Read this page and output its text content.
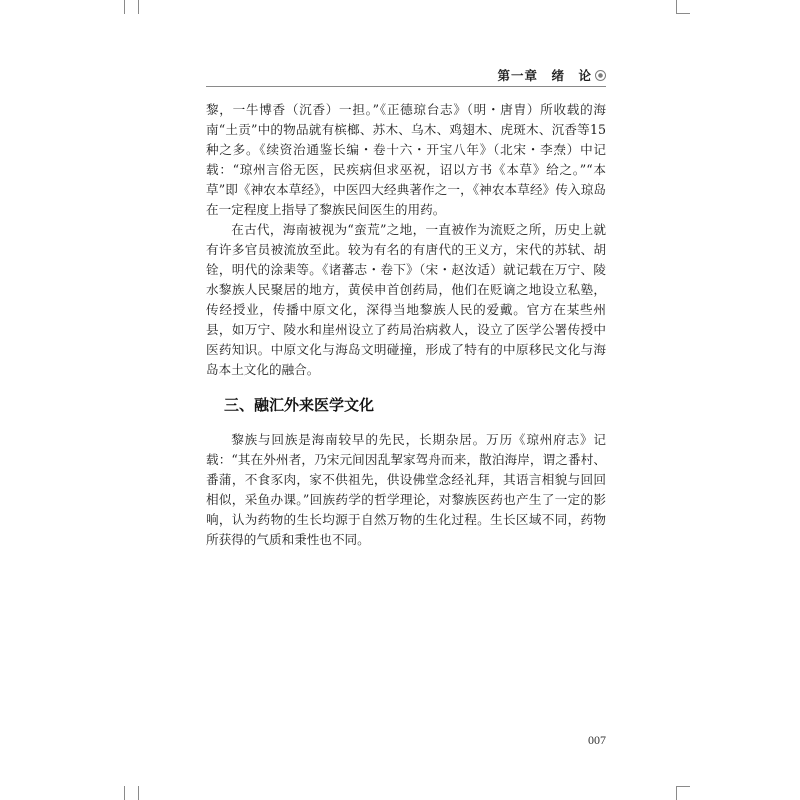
第一章　绪　论

黎，一牛博香（沉香）一担。”《正德琼台志》（明・唐胄）所收载的海南“土贡”中的物品就有槟榔、苏木、乌木、鸡翅木、虎斑木、沉香等15种之多。《续资治通鉴长编・卷十六・开宝八年》（北宋・李焘）中记载：“琼州言俗无医，民疾病但求巫祝，诏以方书《本草》给之。”“本草”即《神农本草经》，中医四大经典著作之一，《神农本草经》传入琼岛在一定程度上指导了黎族民间医生的用药。

在古代，海南被视为“蛮荒”之地，一直被作为流贬之所，历史上就有许多官员被流放至此。较为有名的有唐代的王义方，宋代的苏轼、胡铨，明代的涂棐等。《诸蕃志・卷下》（宋・赵汝适）就记载在万宁、陵水黎族人民聚居的地方，黄侯申首创药局，他们在贬谪之地设立私塾，传经授业，传播中原文化，深得当地黎族人民的爱戴。官方在某些州县，如万宁、陵水和崖州设立了药局治病救人，设立了医学公署传授中医药知识。中原文化与海岛文明碰撞，形成了特有的中原移民文化与海岛本土文化的融合。

三、融汇外来医学文化

黎族与回族是海南较早的先民，长期杂居。万历《琼州府志》记载：“其在外州者，乃宋元间因乱挈家驾舟而来，散泊海岸，谓之番村、番蒲，不食豕肉，家不供祖先，供设佛堂念经礼拜，其语言相貌与回回相似，采鱼办课。”回族药学的哲学理论，对黎族医药也产生了一定的影响，认为药物的生长均源于自然万物的生化过程。生长区域不同，药物所获得的气质和秉性也不同。

007
